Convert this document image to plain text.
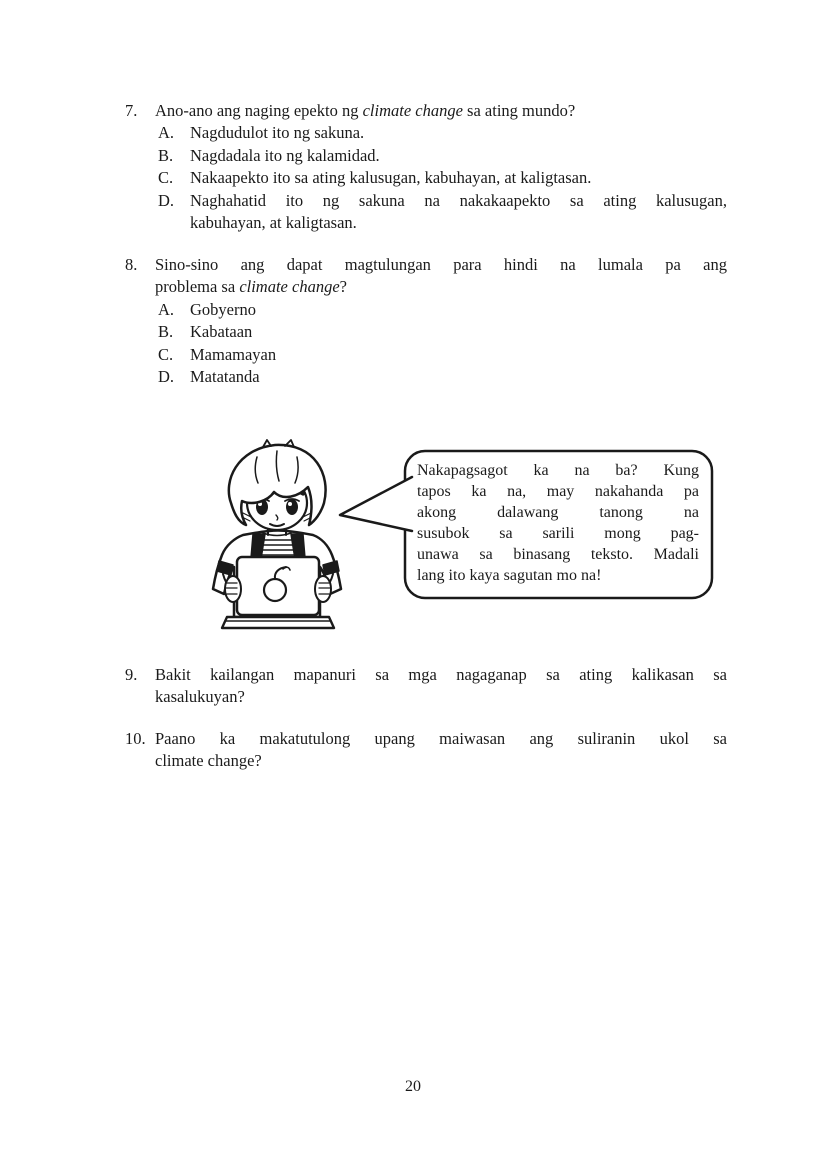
7. Ano-ano ang naging epekto ng climate change sa ating mundo?
A. Nagdudulot ito ng sakuna.
B. Nagdadala ito ng kalamidad.
C. Nakaapekto ito sa ating kalusugan, kabuhayan, at kaligtasan.
D. Naghahatid ito ng sakuna na nakakaapekto sa ating kalusugan,
kabuhayan, at kaligtasan.
8. Sino-sino ang dapat magtulungan para hindi na lumala pa ang
problema sa climate change?
A. Gobyerno
B. Kabataan
C. Mamamayan
D. Matatanda
Nakapagsagot ka na ba? Kung
tapos ka na, may nakahanda pa
akong dalawang tanong na
susubok sa sarili mong pag-
unawa sa binasang teksto. Madali
lang ito kaya sagutan mo na!
9. Bakit kailangan mapanuri sa mga nagaganap sa ating kalikasan sa
kasalukuyan?
10. Paano ka makatutulong upang maiwasan ang suliranin ukol sa
climate change?
20
